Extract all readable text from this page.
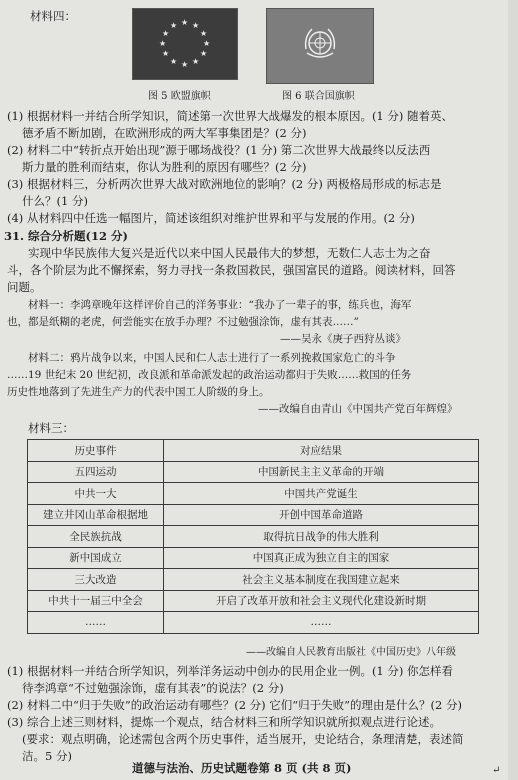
材料四：	★ ★
★
★
★
★
★
★
★
★
★
★
图 5 欧盟旗帜	图 6 联合国旗帜
(1) 根据材料一并结合所学知识，简述第一次世界大战爆发的根本原因。(1 分) 随着英、
德矛盾不断加剧，在欧洲形成的两大军事集团是？(2 分)
(2) 材料二中“转折点开始出现”源于哪场战役？(1 分) 第二次世界大战最终以反法西
斯力量的胜利而结束，你认为胜利的原因有哪些？(2 分)
(3) 根据材料三，分析两次世界大战对欧洲地位的影响？(2 分) 两极格局形成的标志是
什么？(1 分)
(4) 从材料四中任选一幅图片，简述该组织对维护世界和平与发展的作用。(2 分)
31. 综合分析题(12 分)
实现中华民族伟大复兴是近代以来中国人民最伟大的梦想，无数仁人志士为之奋
斗，各个阶层为此不懈探索，努力寻找一条救国救民，强国富民的道路。阅读材料，回答
问题。
材料一：李鸿章晚年这样评价自己的洋务事业：“我办了一辈子的事，练兵也，海军
也，都是纸糊的老虎，何尝能实在放手办理？不过勉强涂饰，虚有其表……”
——吴永《庚子西狩丛谈》
材料二：鸦片战争以来，中国人民和仁人志士进行了一系列挽救国家危亡的斗争
……19 世纪末 20 世纪初，改良派和革命派发起的政治运动都归于失败……救国的任务
历史性地落到了先进生产力的代表中国工人阶级的身上。
——改编自由青山《中国共产党百年辉煌》
材料三：
历史事件	对应结果
五四运动	中国新民主主义革命的开端
中共一大	中国共产党诞生
建立井冈山革命根据地	开创中国革命道路
全民族抗战	取得抗日战争的伟大胜利
新中国成立	中国真正成为独立自主的国家
三大改造	社会主义基本制度在我国建立起来
中共十一届三中全会	开启了改革开放和社会主义现代化建设新时期
……	……
——改编自人民教育出版社《中国历史》八年级
(1) 根据材料一并结合所学知识，列举洋务运动中创办的民用企业一例。(1 分) 你怎样看
待李鸿章“不过勉强涂饰，虚有其表”的说法？(2 分)
(2) 材料二中“归于失败”的政治运动有哪些？(2 分) 它们“归于失败”的理由是什么？(2 分)
(3) 综合上述三则材料，提炼一个观点，结合材料三和所学知识就所拟观点进行论述。
(要求：观点明确，论述需包含两个历史事件，适当展开，史论结合，条理清楚，表述简
洁。5 分)
道德与法治、历史试题卷第 8 页 (共 8 页)	↵
